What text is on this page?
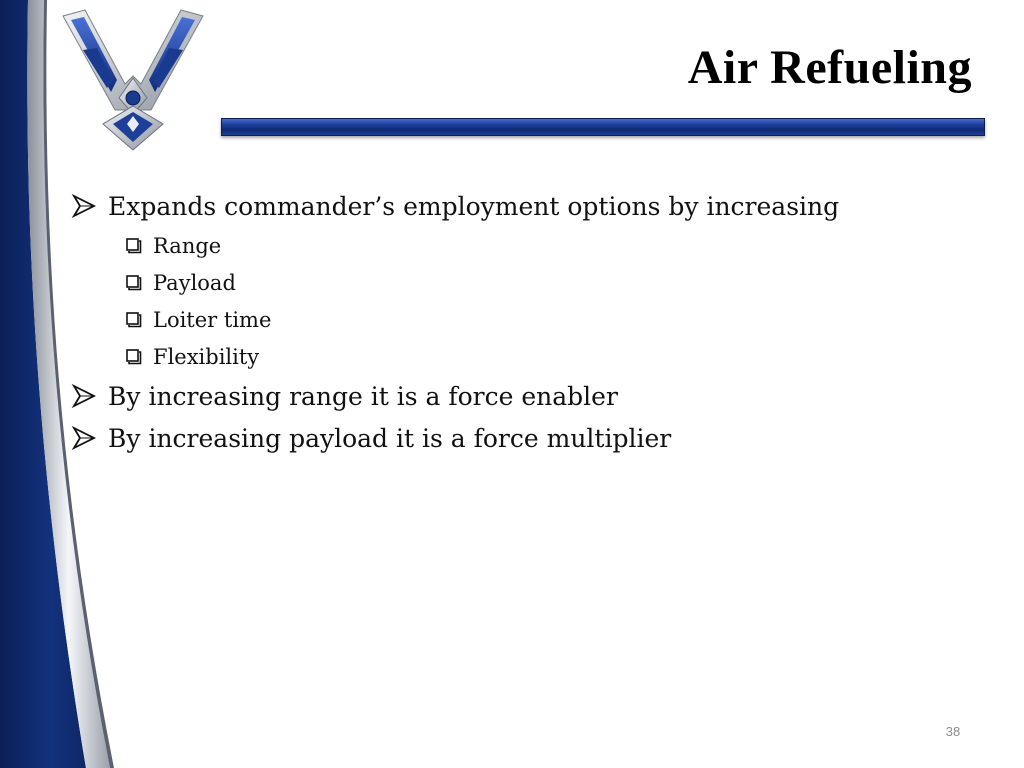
Air Refueling
Expands commander’s employment options by increasing
Range
Payload
Loiter time
Flexibility
By increasing range it is a force enabler
By increasing payload it is a force multiplier
38
